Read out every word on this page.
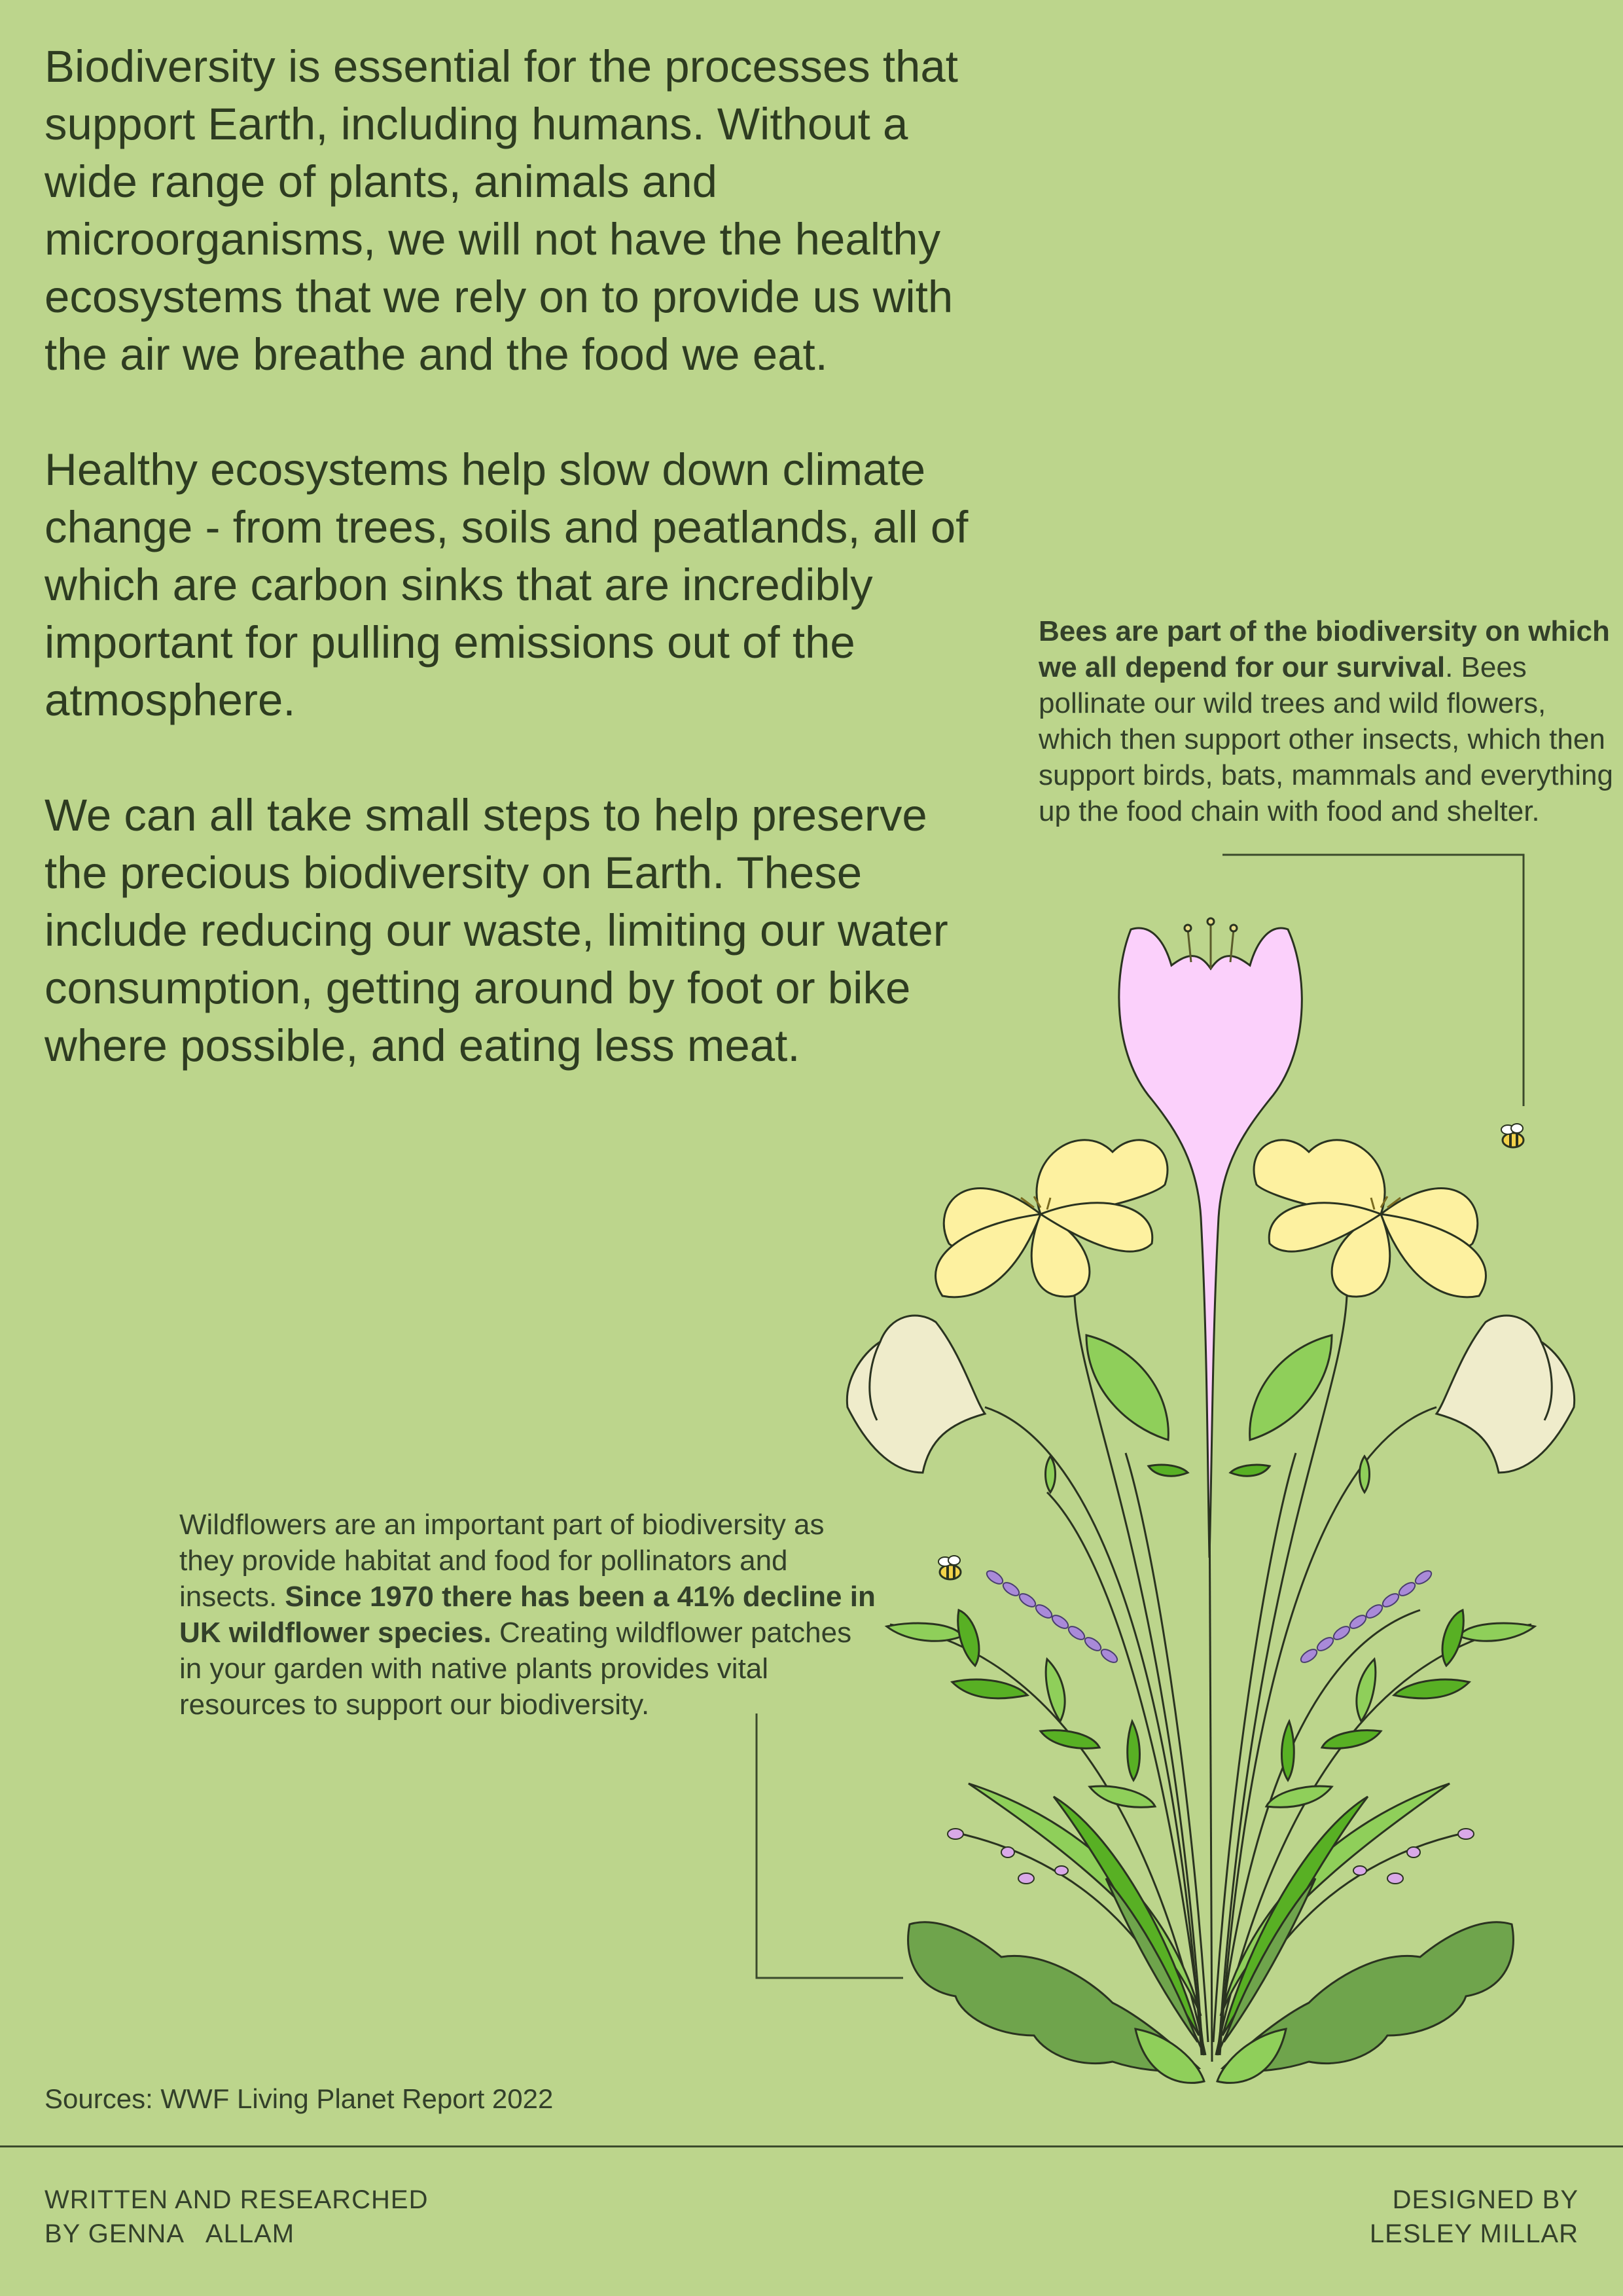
Biodiversity is essential for the processes that support Earth, including humans. Without a wide range of plants, animals and microorganisms, we will not have the healthy ecosystems that we rely on to provide us with the air we breathe and the food we eat.

Healthy ecosystems help slow down climate change - from trees, soils and peatlands, all of which are carbon sinks that are incredibly important for pulling emissions out of the atmosphere.

We can all take small steps to help preserve the precious biodiversity on Earth. These include reducing our waste, limiting our water consumption, getting around by foot or bike where possible, and eating less meat.

Bees are part of the biodiversity on which we all depend for our survival. Bees pollinate our wild trees and wild flowers, which then support other insects, which then support birds, bats, mammals and everything up the food chain with food and shelter.
Wildflowers are an important part of biodiversity as they provide habitat and food for pollinators and insects. Since 1970 there has been a 41% decline in UK wildflower species. Creating wildflower patches in your garden with native plants provides vital resources to support our biodiversity.
Sources: WWF Living Planet Report 2022
WRITTEN AND RESEARCHED
BY GENNA   ALLAM
DESIGNED BY
LESLEY MILLAR
